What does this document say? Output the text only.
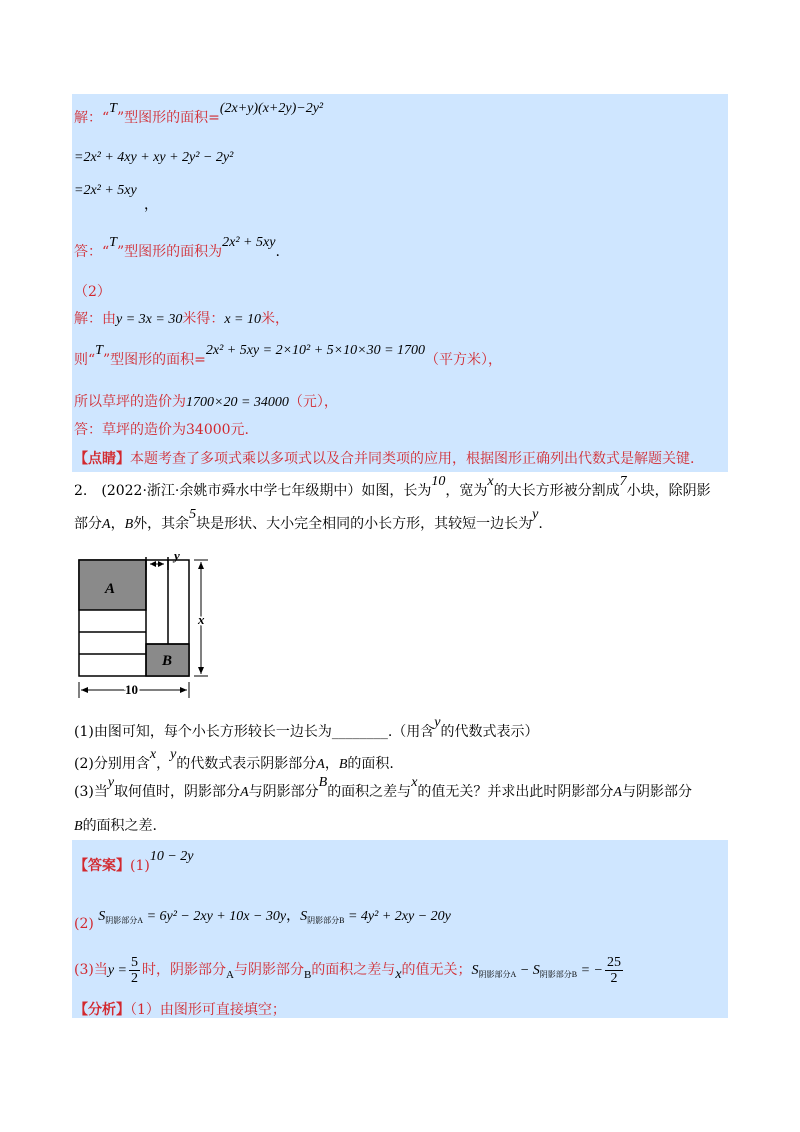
解：“T”型图形的面积=(2x+y)(x+2y)−2y²
=2x² + 4xy + xy + 2y² − 2y²
=2x² + 5xy
，
答：“T”型图形的面积为2x² + 5xy.
（2）
解：由y = 3x = 30米得：x = 10米，
则“T”型图形的面积=2x² + 5xy = 2×10² + 5×10×30 = 1700（平方米），
所以草坪的造价为1700×20 = 34000（元），
答：草坪的造价为34000元.
【点睛】本题考查了多项式乘以多项式以及合并同类项的应用，根据图形正确列出代数式是解题关键.
2.　(2022·浙江·余姚市舜水中学七年级期中）如图，长为10，宽为x的大长方形被分割成7小块，除阴影
部分A，B外，其余5块是形状、大小完全相同的小长方形，其较短一边长为y.
A
B
x
y
10
(1)由图可知，每个小长方形较长一边长为________.（用含y的代数式表示）
(2)分别用含x，y的代数式表示阴影部分A，B的面积.
(3)当y取何值时，阴影部分A与阴影部分B的面积之差与x的值无关？并求出此时阴影部分A与阴影部分
B的面积之差.
【答案】(1)10 − 2y
(2) $S_{阴影部分A} = 6y^2 - 2xy + 10x - 30y$，$S_{阴影部分B} = 4y^2 + 2xy - 20y$
(3)当$y = \frac{5}{2}$ 时，阴影部分$_A$与阴影部分$_B$的面积之差与x的值无关；$S_{阴影部分A} - S_{阴影部分B}$ = − $\frac{25}{2}$
【分析】（1）由图形可直接填空；
